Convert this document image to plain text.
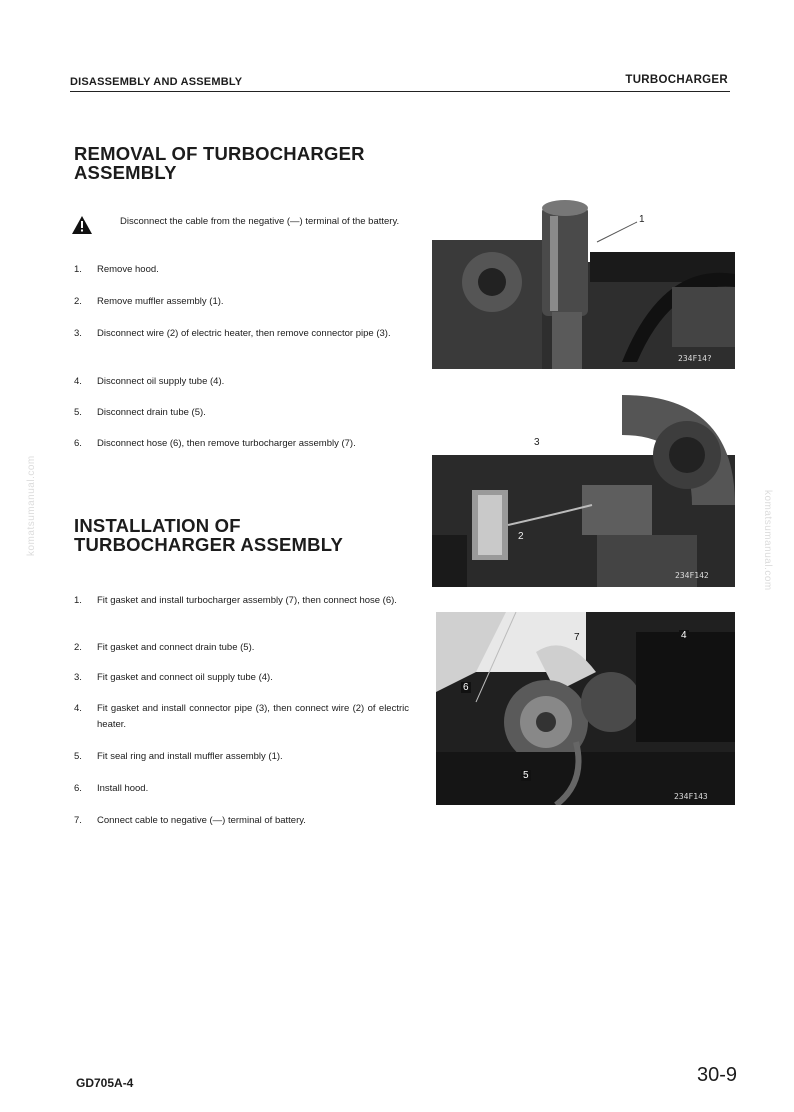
DISASSEMBLY AND ASSEMBLY	TURBOCHARGER
REMOVAL OF TURBOCHARGER
ASSEMBLY
Disconnect the cable from the negative (—) terminal of the battery.
1. Remove hood.
2. Remove muffler assembly (1).
3. Disconnect wire (2) of electric heater, then remove connector pipe (3).
4. Disconnect oil supply tube (4).
5. Disconnect drain tube (5).
6. Disconnect hose (6), then remove turbocharger assembly (7).
INSTALLATION OF
TURBOCHARGER ASSEMBLY
1. Fit gasket and install turbocharger assembly (7), then connect hose (6).
2. Fit gasket and connect drain tube (5).
3. Fit gasket and connect oil supply tube (4).
4. Fit gasket and install connector pipe (3), then connect wire (2) of electric heater.
5. Fit seal ring and install muffler assembly (1).
6. Install hood.
7. Connect cable to negative (—) terminal of battery.
1
234F14?
3
2
234F142
7	4
6
5
234F143
komatsumanual.com	komatsumanual.com
GD705A-4	30-9
